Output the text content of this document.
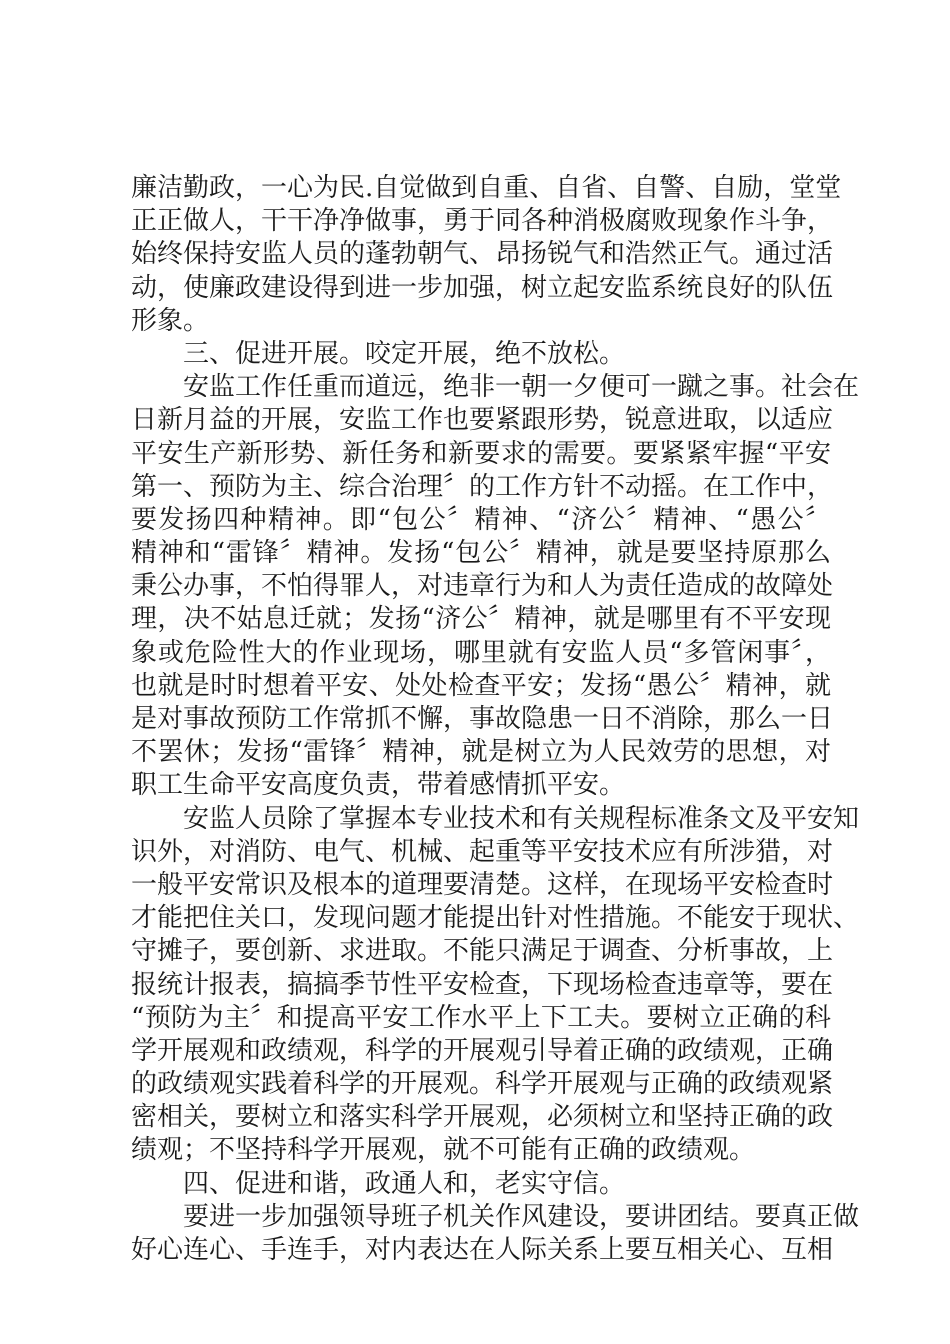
廉洁勤政，一心为民.自觉做到自重、自省、自警、自励，堂堂
正正做人，干干净净做事，勇于同各种消极腐败现象作斗争，
始终保持安监人员的蓬勃朝气、昂扬锐气和浩然正气。通过活
动，使廉政建设得到进一步加强，树立起安监系统良好的队伍
形象。
三、促进开展。咬定开展，绝不放松。
安监工作任重而道远，绝非一朝一夕便可一蹴之事。社会在
日新月益的开展，安监工作也要紧跟形势，锐意进取，以适应
平安生产新形势、新任务和新要求的需要。要紧紧牢握“平安
第一、预防为主、综合治理〞的工作方针不动摇。在工作中，
要发扬四种精神。即“包公〞精神、“济公〞精神、“愚公〞
精神和“雷锋〞精神。发扬“包公〞精神，就是要坚持原那么
秉公办事，不怕得罪人，对违章行为和人为责任造成的故障处
理，决不姑息迁就；发扬“济公〞精神，就是哪里有不平安现
象或危险性大的作业现场，哪里就有安监人员“多管闲事〞，
也就是时时想着平安、处处检查平安；发扬“愚公〞精神，就
是对事故预防工作常抓不懈，事故隐患一日不消除，那么一日
不罢休；发扬“雷锋〞精神，就是树立为人民效劳的思想，对
职工生命平安高度负责，带着感情抓平安。
安监人员除了掌握本专业技术和有关规程标准条文及平安知
识外，对消防、电气、机械、起重等平安技术应有所涉猎，对
一般平安常识及根本的道理要清楚。这样，在现场平安检查时
才能把住关口，发现问题才能提出针对性措施。不能安于现状、
守摊子，要创新、求进取。不能只满足于调查、分析事故，上
报统计报表，搞搞季节性平安检查，下现场检查违章等，要在
“预防为主〞和提高平安工作水平上下工夫。要树立正确的科
学开展观和政绩观，科学的开展观引导着正确的政绩观，正确
的政绩观实践着科学的开展观。科学开展观与正确的政绩观紧
密相关，要树立和落实科学开展观，必须树立和坚持正确的政
绩观；不坚持科学开展观，就不可能有正确的政绩观。
四、促进和谐，政通人和，老实守信。
要进一步加强领导班子机关作风建设，要讲团结。要真正做
好心连心、手连手，对内表达在人际关系上要互相关心、互相
